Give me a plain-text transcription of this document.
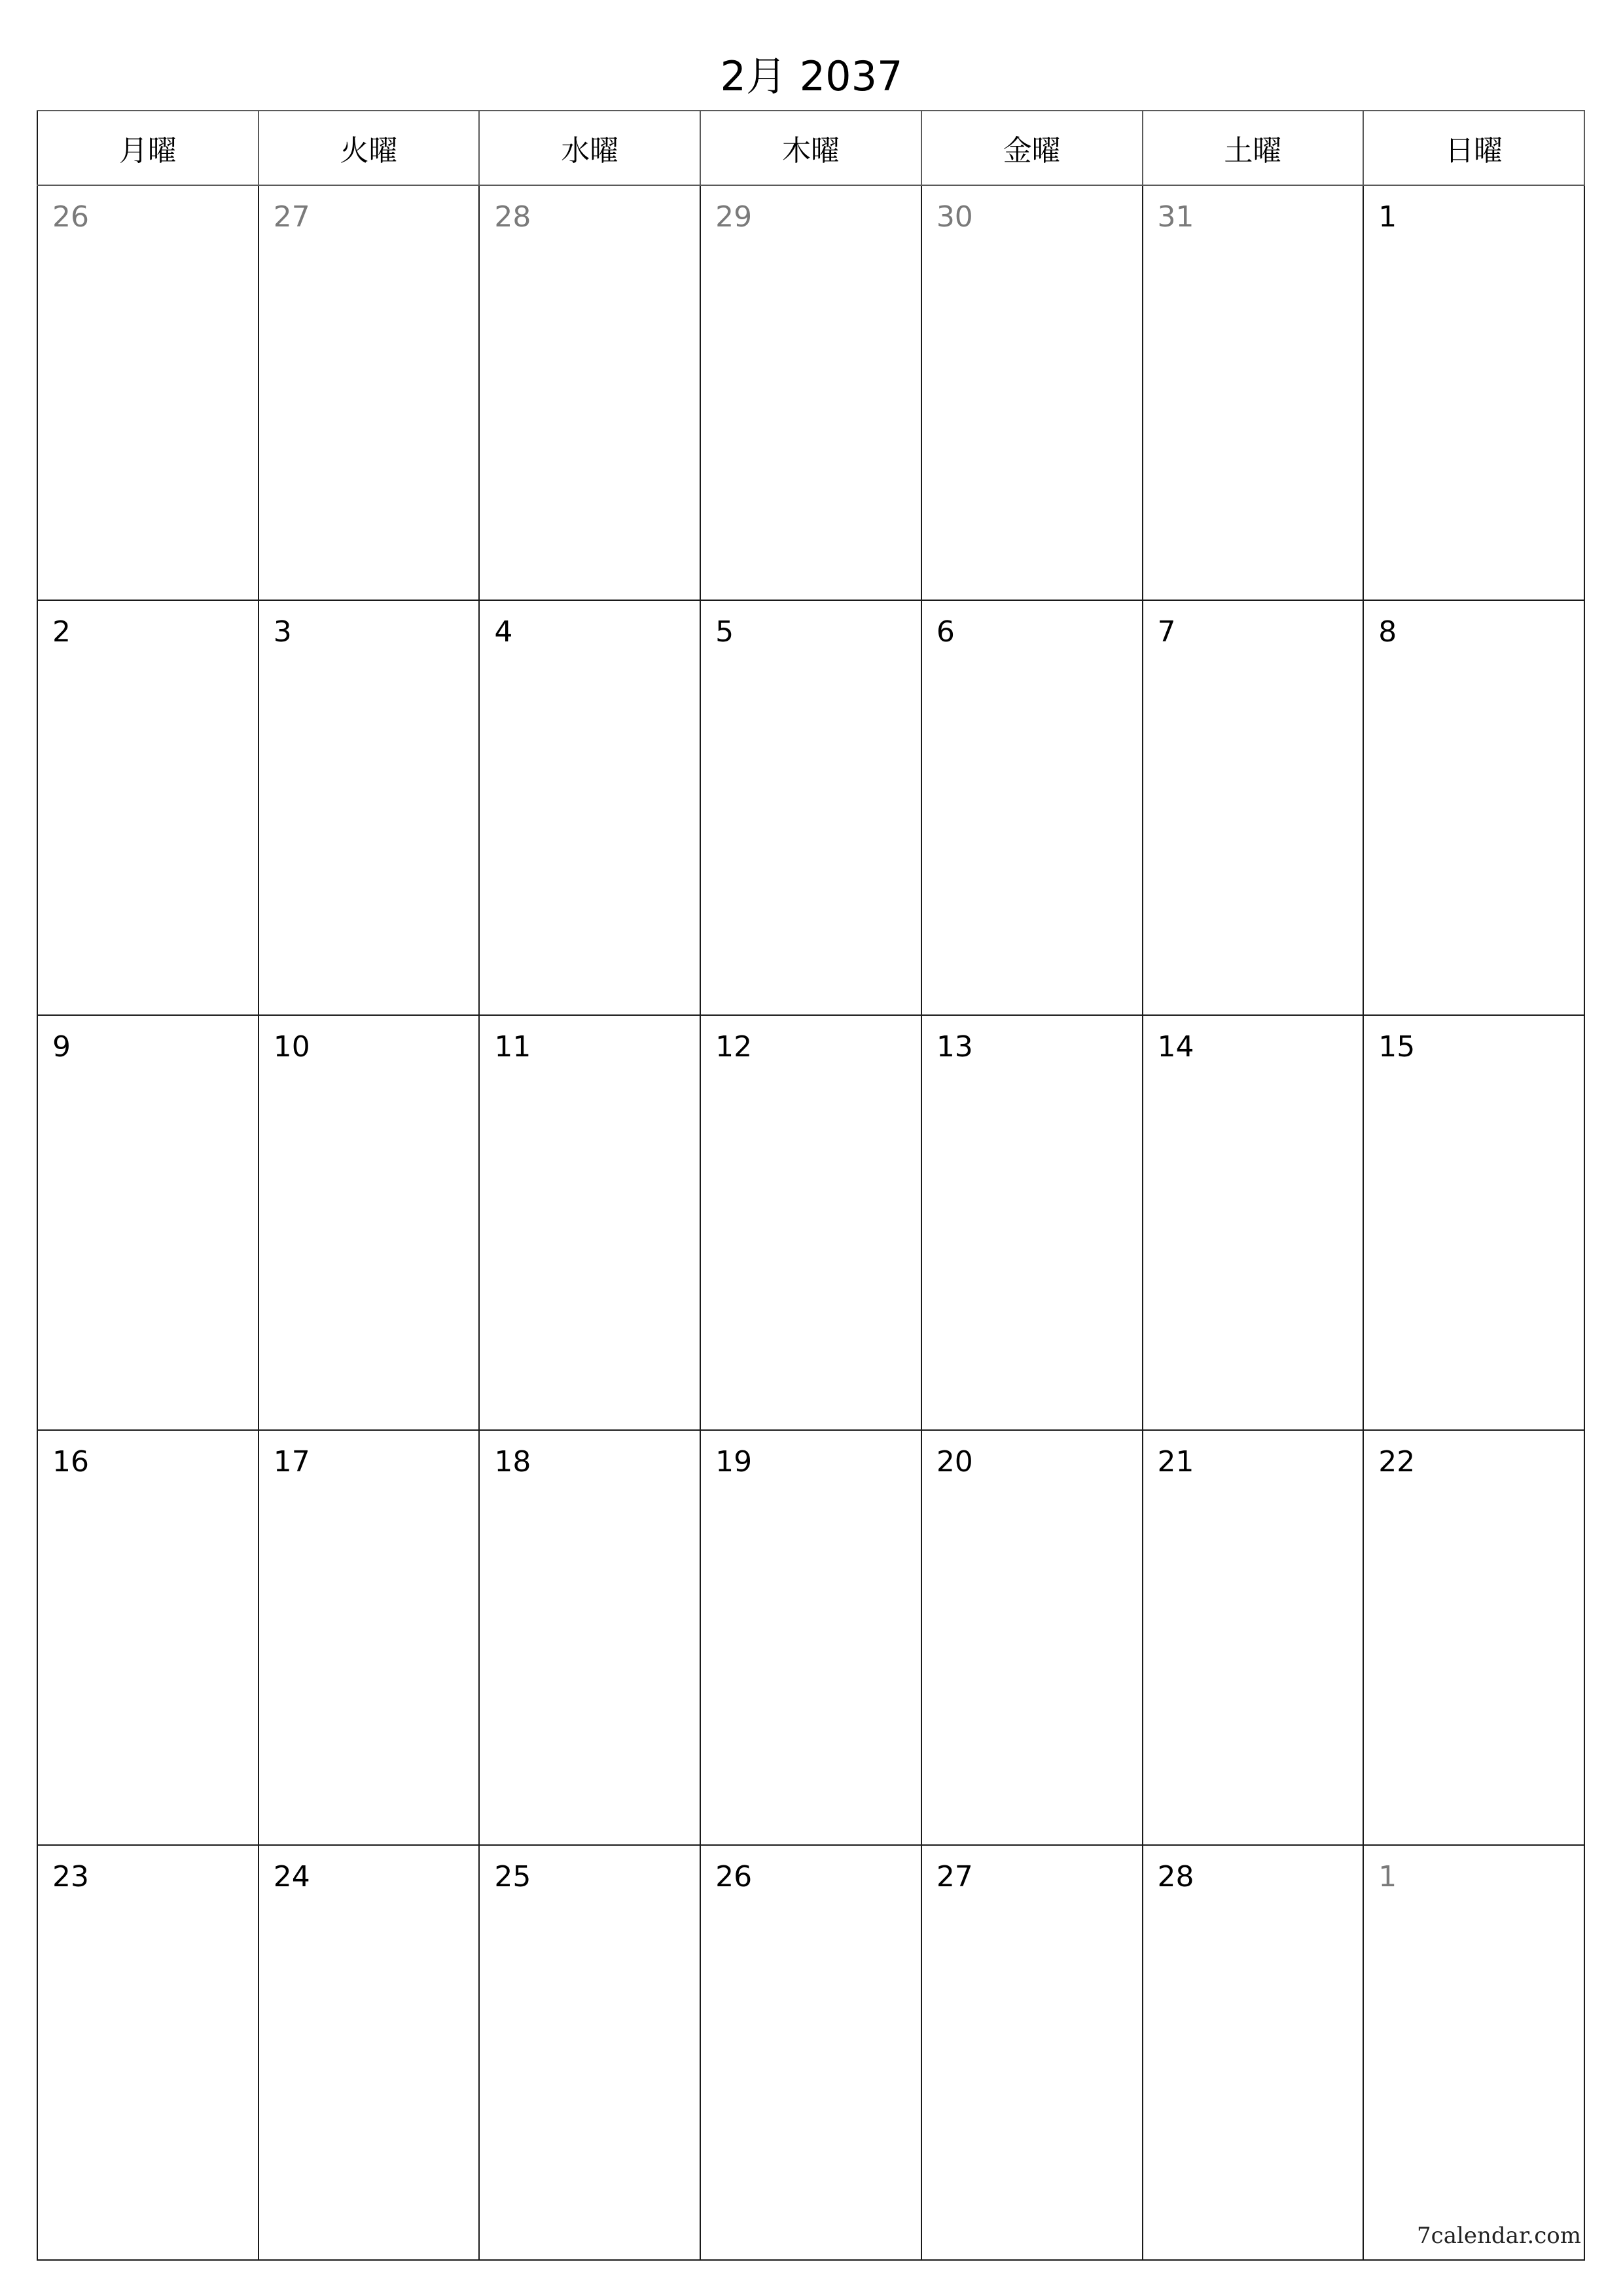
2月 2037
月曜	火曜	水曜	木曜	金曜	土曜	日曜

26	27	28	29	30	31	1

2	3	4	5	6	7	8

9	10	11	12	13	14	15

16	17	18	19	20	21	22

23	24	25	26	27	28	1
7calendar.com
